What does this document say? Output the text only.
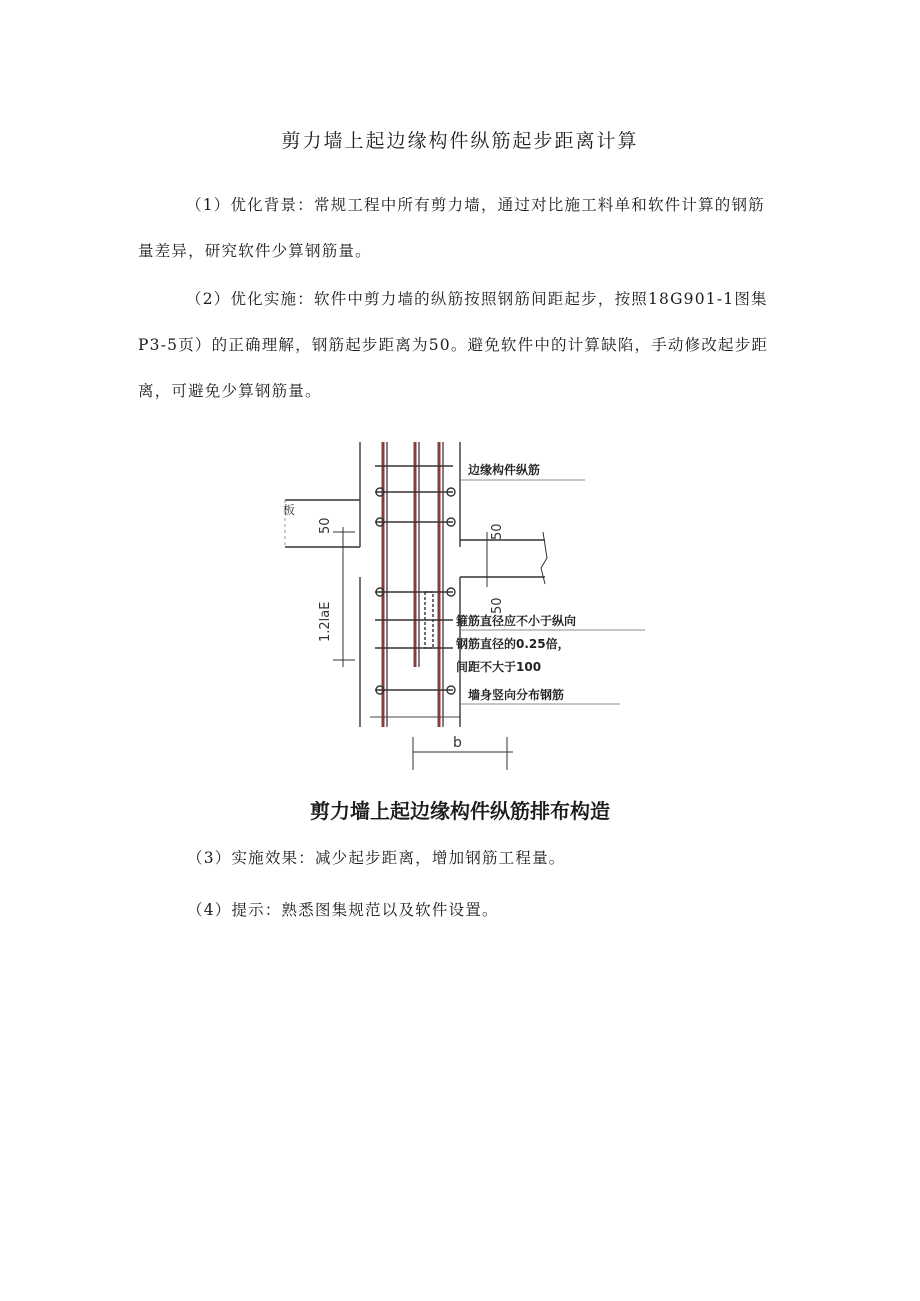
剪力墙上起边缘构件纵筋起步距离计算
（1）优化背景：常规工程中所有剪力墙，通过对比施工料单和软件计算的钢筋
量差异，研究软件少算钢筋量。
（2）优化实施：软件中剪力墙的纵筋按照钢筋间距起步，按照18G901-1图集
P3-5页）的正确理解，钢筋起步距离为50。避免软件中的计算缺陷，手动修改起步距
离，可避免少算钢筋量。
板
50
1.2laE
50
50
边缘构件纵筋
箍筋直径应不小于纵向
钢筋直径的0.25倍，
间距不大于100
墙身竖向分布钢筋
b
剪力墙上起边缘构件纵筋排布构造
（3）实施效果：减少起步距离，增加钢筋工程量。
（4）提示：熟悉图集规范以及软件设置。
